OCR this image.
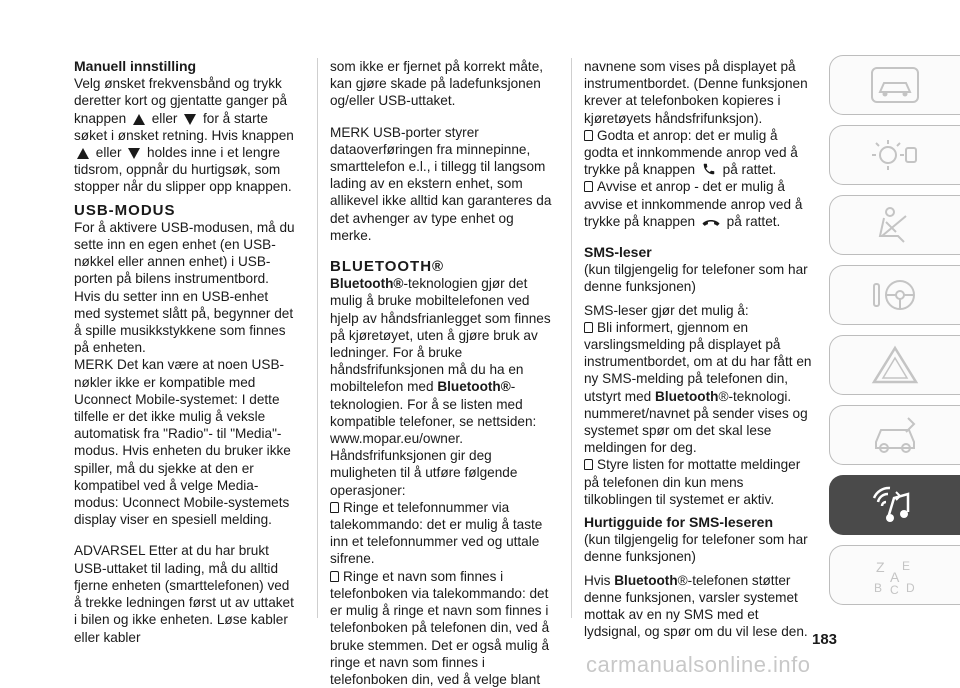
Manuell innstilling

Velg ønsket frekvensbånd og trykk deretter kort og gjentatte ganger på knappen eller for å starte søket i ønsket retning. Hvis knappen  eller holdes inne i et lengre tidsrom, oppnår du hurtigsøk, som stopper når du slipper opp knappen.

USB-MODUS

For å aktivere USB-modusen, må du sette inn en egen enhet (en USB-nøkkel eller annen enhet) i USB-porten på bilens instrumentbord. Hvis du setter inn en USB-enhet med systemet slått på, begynner det å spille musikkstykkene som finnes på enheten.

MERK Det kan være at noen USB-nøkler ikke er kompatible med Uconnect Mobile-systemet: I dette tilfelle er det ikke mulig å veksle automatisk fra "Radio"- til "Media"-modus. Hvis enheten du bruker ikke spiller, må du sjekke at den er kompatibel ved å velge Media-modus: Uconnect Mobile-systemets display viser en spesiell melding.

ADVARSEL Etter at du har brukt USB-uttaket til lading, må du alltid fjerne enheten (smarttelefonen) ved å trekke ledningen først ut av uttaket i bilen og ikke enheten. Løse kabler eller kabler

som ikke er fjernet på korrekt måte, kan gjøre skade på ladefunksjonen og/eller USB-uttaket.

MERK USB-porter styrer dataoverføringen fra minnepinne, smarttelefon e.l., i tillegg til langsom lading av en ekstern enhet, som allikevel ikke alltid kan garanteres da det avhenger av type enhet og merke.

BLUETOOTH®

Bluetooth®-teknologien gjør det mulig å bruke mobiltelefonen ved hjelp av håndsfrianlegget som finnes på kjøretøyet, uten å gjøre bruk av ledninger. For å bruke håndsfrifunksjonen må du ha en mobiltelefon med Bluetooth®-teknologien. For å se listen med kompatible telefoner, se nettsiden: www.mopar.eu/owner.

Håndsfrifunksjonen gir deg muligheten til å utføre følgende operasjoner:

Ringe et telefonnummer via talekommando: det er mulig å taste inn et telefonnummer ved og uttale sifrene.

Ringe et navn som finnes i telefonboken via talekommando: det er mulig å ringe et navn som finnes i telefonboken på telefonen din, ved å bruke stemmen. Det er også mulig å ringe et navn som finnes i telefonboken din, ved å velge blant

navnene som vises på displayet på instrumentbordet. (Denne funksjonen krever at telefonboken kopieres i kjøretøyets håndsfrifunksjon).

Godta et anrop: det er mulig å godta et innkommende anrop ved å trykke på knappen på rattet.

Avvise et anrop - det er mulig å avvise et innkommende anrop ved å trykke på knappen på rattet.

SMS-leser

(kun tilgjengelig for telefoner som har denne funksjonen)

SMS-leser gjør det mulig å:

Bli informert, gjennom en varslingsmelding på displayet på instrumentbordet, om at du har fått en ny SMS-melding på telefonen din, utstyrt med Bluetooth®-teknologi. nummeret/navnet på sender vises og systemet spør om det skal lese meldingen for deg.

Styre listen for mottatte meldinger på telefonen din kun mens tilkoblingen til systemet er aktiv.

Hurtigguide for SMS-leseren

(kun tilgjengelig for telefoner som har denne funksjonen)

Hvis Bluetooth®-telefonen støtter denne funksjonen, varsler systemet mottak av en ny SMS med et lydsignal, og spør om du vil lese den.

Z E
B C D
A
183
carmanualsonline.info
